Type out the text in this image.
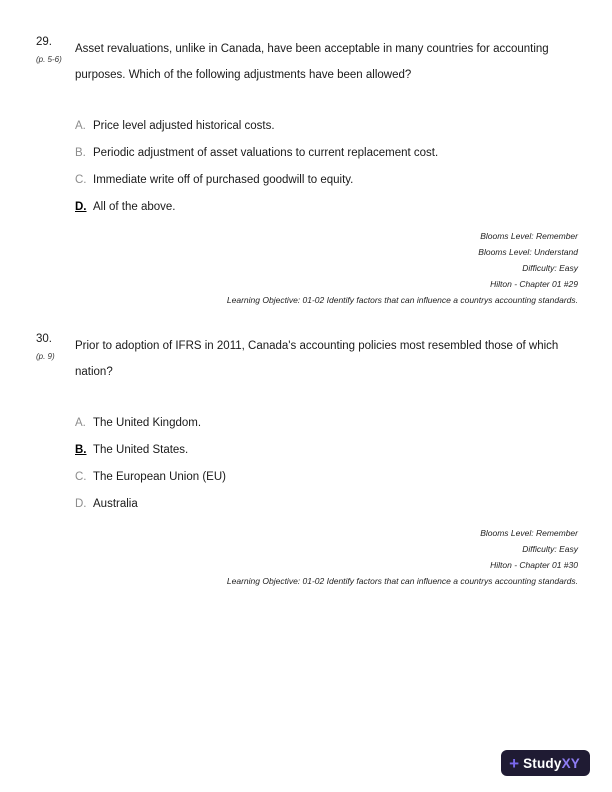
29.
(p. 5-6)
Asset revaluations, unlike in Canada, have been acceptable in many countries for accounting purposes. Which of the following adjustments have been allowed?
A. Price level adjusted historical costs.
B. Periodic adjustment of asset valuations to current replacement cost.
C. Immediate write off of purchased goodwill to equity.
D. All of the above.
Blooms Level: Remember
Blooms Level: Understand
Difficulty: Easy
Hilton - Chapter 01 #29
Learning Objective: 01-02 Identify factors that can influence a countrys accounting standards.
30.
(p. 9)
Prior to adoption of IFRS in 2011, Canada's accounting policies most resembled those of which nation?
A. The United Kingdom.
B. The United States.
C. The European Union (EU)
D. Australia
Blooms Level: Remember
Difficulty: Easy
Hilton - Chapter 01 #30
Learning Objective: 01-02 Identify factors that can influence a countrys accounting standards.
+ Study XY
